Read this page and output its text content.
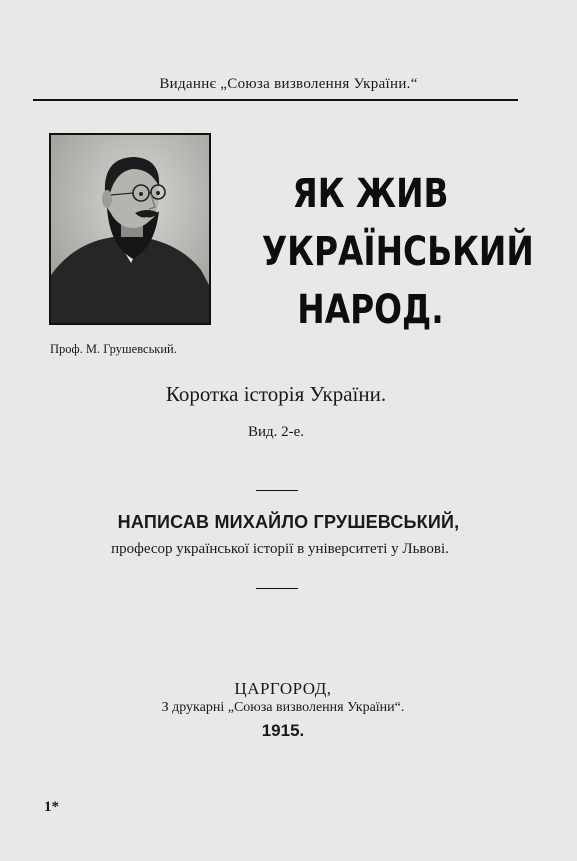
Виданнє „Союза визволення України.“
Проф. М. Грушевський.
ЯК ЖИВ
УКРАЇНСЬКИЙ
НАРОД.
Коротка історія України.
Вид. 2-е.
НАПИСАВ МИХАЙЛО ГРУШЕВСЬКИЙ,
професор української історії в університеті у Львові.
ЦАРГОРОД,
З друкарні „Союза визволення України“.
1915.
1*
